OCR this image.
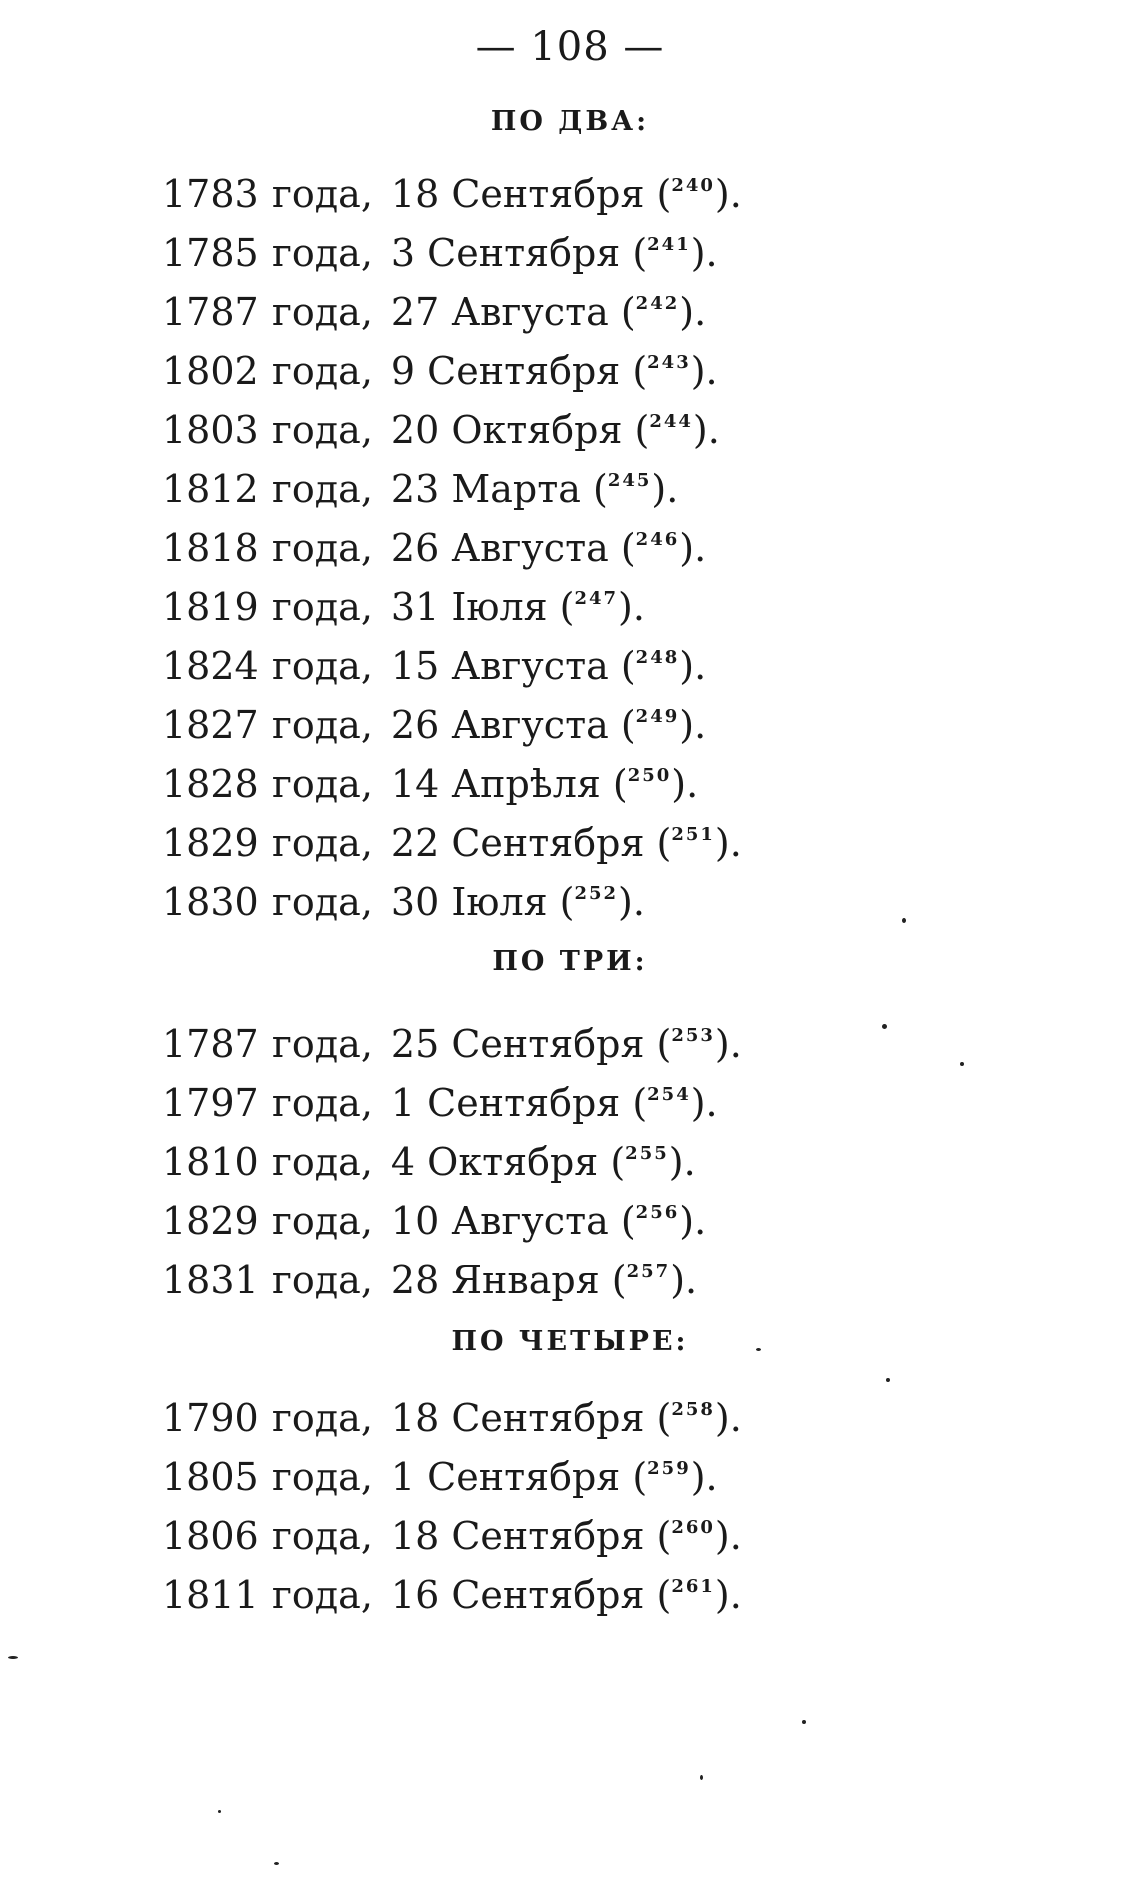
— 108 —
ПО ДВА:
1783 года, 18 Сентября ($^{240}$).
1785 года, 3 Сентября ($^{241}$).
1787 года, 27 Августа ($^{242}$).
1802 года, 9 Сентября ($^{243}$).
1803 года, 20 Октября ($^{244}$).
1812 года, 23 Марта ($^{245}$).
1818 года, 26 Августа ($^{246}$).
1819 года, 31 Іюля ($^{247}$).
1824 года, 15 Августа ($^{248}$).
1827 года, 26 Августа ($^{249}$).
1828 года, 14 Апрѣля ($^{250}$).
1829 года, 22 Сентября ($^{251}$).
1830 года, 30 Іюля ($^{252}$).
ПО ТРИ:
1787 года, 25 Сентября ($^{253}$).
1797 года, 1 Сентября ($^{254}$).
1810 года, 4 Октября ($^{255}$).
1829 года, 10 Августа ($^{256}$).
1831 года, 28 Января ($^{257}$).
ПО ЧЕТЫРЕ:
1790 года, 18 Сентября ($^{258}$).
1805 года, 1 Сентября ($^{259}$).
1806 года, 18 Сентября ($^{260}$).
1811 года, 16 Сентября ($^{261}$).
